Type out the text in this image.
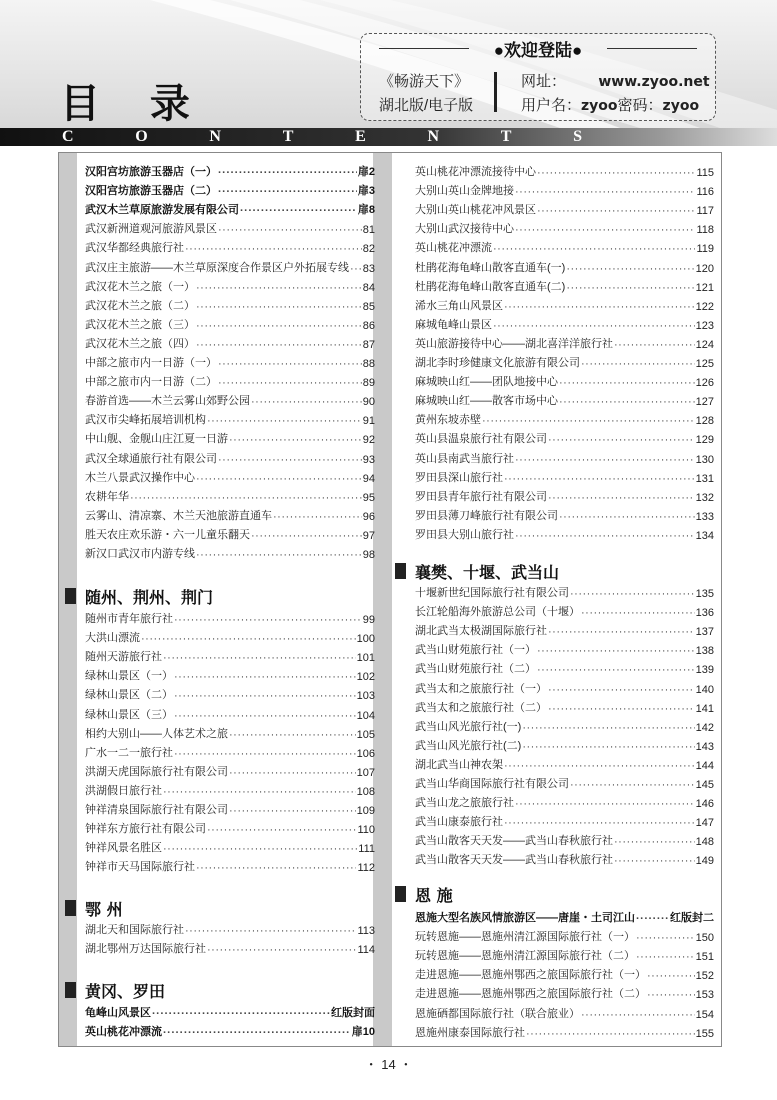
目 录
●欢迎登陆●
《畅游天下》
湖北版/电子版
网址： www.zyoo.net
用户名：zyoo密码：zyoo
C	O	N	T	E	N	T	S
汉阳宫坊旅游玉器店（一） ·····	扉2
汉阳宫坊旅游玉器店（二） ·····	扉3
武汉木兰草原旅游发展有限公司 ·····	扉8
武汉新洲道观河旅游风景区 ·····	81
武汉华都经典旅行社 ·····	82
武汉庄主旅游——木兰草原深度合作景区户外拓展专线 ····· 83
武汉花木兰之旅（一） ·····	84
武汉花木兰之旅（二） ·····	85
武汉花木兰之旅（三） ·····	86
武汉花木兰之旅（四） ·····	87
中部之旅市内一日游（一） ·····	88
中部之旅市内一日游（二） ·····	89
春游首选——木兰云雾山郊野公园 ·····	90
武汉市尖峰拓展培训机构 ·····	91
中山舰、金舰山庄江夏一日游 ·····	92
武汉全球通旅行社有限公司 ·····	93
木兰八景武汉操作中心 ·····	94
农耕年华 ·····	95
云雾山、清凉寨、木兰天池旅游直通车 ·····	96
胜天农庄欢乐游・六一儿童乐翻天 ·····	97
新汉口武汉市内游专线 ·····	98
随州、荆州、荆门
随州市青年旅行社 ·····	99
大洪山漂流 ·····	100
随州天游旅行社 ·····	101
绿林山景区（一） ·····	102
绿林山景区（二） ·····	103
绿林山景区（三） ·····	104
相约大别山——人体艺术之旅 ·····	105
广水一二一旅行社 ·····	106
洪湖天虎国际旅行社有限公司 ·····	107
洪湖假日旅行社 ·····	108
钟祥清泉国际旅行社有限公司 ·····	109
钟祥东方旅行社有限公司 ·····	110
钟祥风景名胜区 ·····	111
钟祥市天马国际旅行社 ·····	112
鄂 州
湖北天和国际旅行社 ·····	113
湖北鄂州万达国际旅行社 ·····	114
黄冈、罗田
龟峰山风景区 ·····	红版封面
英山桃花冲漂流 ·····	扉10
英山桃花冲漂流接待中心 ·····	115
大别山英山金牌地接 ·····	116
大别山英山桃花冲风景区 ·····	117
大别山武汉接待中心 ·····	118
英山桃花冲漂流 ·····	119
杜鹃花海龟峰山散客直通车(一) ·····	120
杜鹃花海龟峰山散客直通车(二) ·····	121
浠水三角山风景区 ·····	122
麻城龟峰山景区 ·····	123
英山旅游接待中心——湖北喜洋洋旅行社 ·····	124
湖北李时珍健康文化旅游有限公司 ·····	125
麻城映山红——团队地接中心 ·····	126
麻城映山红——散客市场中心 ·····	127
黄州东坡赤壁 ·····	128
英山县温泉旅行社有限公司 ·····	129
英山县南武当旅行社 ·····	130
罗田县深山旅行社 ·····	131
罗田县青年旅行社有限公司 ·····	132
罗田县薄刀峰旅行社有限公司 ·····	133
罗田县大别山旅行社 ·····	134
襄樊、十堰、武当山
十堰新世纪国际旅行社有限公司 ·····	135
长江轮船海外旅游总公司（十堰） ·····	136
湖北武当太极湖国际旅行社 ·····	137
武当山财苑旅行社（一） ·····	138
武当山财苑旅行社（二） ·····	139
武当太和之旅旅行社（一） ·····	140
武当太和之旅旅行社（二） ·····	141
武当山风光旅行社(一) ·····	142
武当山风光旅行社(二) ·····	143
湖北武当山神农架 ·····	144
武当山华商国际旅行社有限公司 ·····	145
武当山龙之旅旅行社 ·····	146
武当山康泰旅行社 ·····	147
武当山散客天天发——武当山春秋旅行社 ·····	148
武当山散客天天发——武当山春秋旅行社 ·····	149
恩 施
恩施大型名族风情旅游区——唐崖・土司江山 ·····	红版封二
玩转恩施——恩施州清江源国际旅行社（一） ·····	150
玩转恩施——恩施州清江源国际旅行社（二） ·····	151
走进恩施——恩施州鄂西之旅国际旅行社（一） ·····	152
走进恩施——恩施州鄂西之旅国际旅行社（二） ·····	153
恩施硒都国际旅行社（联合旅业） ·····	154
恩施州康泰国际旅行社 ·····	155
・ 14 ・
